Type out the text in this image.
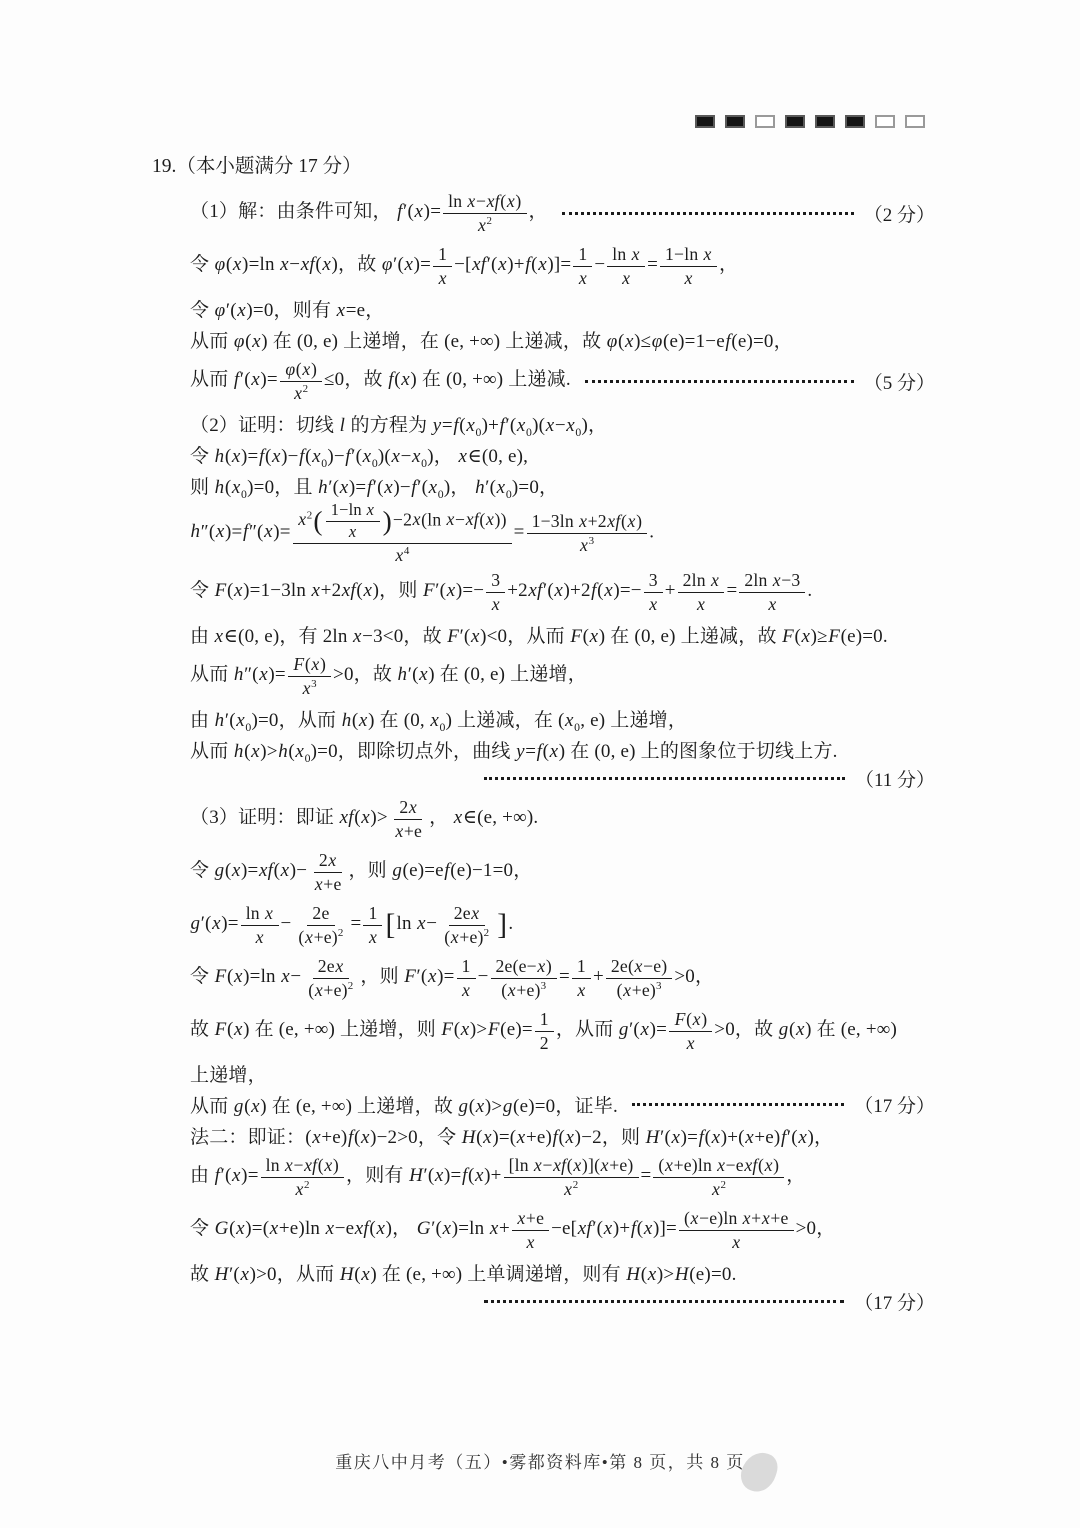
19.（本小题满分 17 分）
（1）解：由条件可知， $f'(x)= \frac{\text{ln x−xf(x)}}{x^2}$ ，	（2 分）
令 φ(x)=ln x−xf(x)，故 $\varphi'(x)= \frac{1}{x} -[xf'(x)+f(x)]= \frac{1}{x} - \frac{\text{ln x}}{x} = \frac{\text{1−ln x}}{x}$ ，
令 φ′(x)=0，则有 x=e，
从而 φ(x) 在 (0, e) 上递增，在 (e, +∞) 上递减，故 φ(x)≤φ(e)=1−ef(e)=0，
从而 $f'(x)= \frac{\varphi(x)}{x^2} \le 0$，故 f(x) 在 (0, +∞) 上递减.	（5 分）
（2）证明：切线 l 的方程为 $y=f(x_0)+f'(x_0)(x-x_0)$，
令 $h(x)=f(x)-f(x_0)-f'(x_0)(x-x_0)$， x∈(0, e),
则 $h(x_0)=0$，且 $h'(x)=f'(x)-f'(x_0)$， $h'(x_0)=0$，
$h''(x)=f''(x)= \frac{x^2( \frac{\text{1−ln x}}{x} )-2x(\ln x-xf(x))}{x^4} = \frac{\text{1−3ln x+2xf(x)}}{x^3}$ .
令 F(x)=1−3ln x+2xf(x)，则 $F'(x)=- \frac{3}{x} +2xf'(x)+2f(x)=- \frac{3}{x} + \frac{\text{2ln x}}{x} = \frac{\text{2ln x−3}}{x}$ .
由 x∈(0, e)，有 2ln x−3<0，故 F′(x)<0，从而 F(x) 在 (0, e) 上递减，故 F(x)≥F(e)=0.
从而 $h''(x)= \frac{F(x)}{x^3} >0$，故 h′(x) 在 (0, e) 上递增，
由 $h'(x_0)=0$，从而 h(x) 在 (0, $x_0$) 上递减，在 ($x_0$, e) 上递增，
从而 $h(x)>h(x_0)=0$，即除切点外，曲线 y=f(x) 在 (0, e) 上的图象位于切线上方.
（11 分）
（3）证明：即证 $xf(x)> \frac{2x}{x+e}$ ， x∈(e, +∞).
令 $g(x)=xf(x)- \frac{2x}{x+e}$ ，则 g(e)=ef(e)−1=0，
$g'(x)= \frac{\text{ln x}}{x} - \frac{2e}{(x+e)^2} = \frac{1}{x} [\ln$ $x- \frac{2ex}{(x+e)^2}$ ].
令 F(x)=ln $x- \frac{2ex}{(x+e)^2}$ ，则 $F'(x)= \frac{1}{x} - \frac{2e(e-x)}{(x+e)^3} = \frac{1}{x} + \frac{2e(x-e)}{(x+e)^3} >0$，
故 F(x) 在 (e, +∞) 上递增，则 $F(x)>F(e)= \frac{1}{2}$ ，从而 $g'(x)= \frac{F(x)}{x} >0$，故 g(x) 在 (e, +∞)
上递增，
从而 g(x) 在 (e, +∞) 上递增，故 g(x)>g(e)=0，证毕.	（17 分）
法二：即证：(x+e)f(x)−2>0，令 H(x)=(x+e)f(x)−2，则 H′(x)=f(x)+(x+e)f′(x)，
由 $f'(x)= \frac{\text{ln x−xf(x)}}{x^2}$ ，则有 $H'(x)=f(x)+ \frac{\text{[ln x−xf(x)](x+e)}}{x^2} = \frac{\text{(x+e)ln x−exf(x)}}{x^2}$ ，
令 G(x)=(x+e)ln x−exf(x)， G′(x)=ln $x+ \frac{x+e}{x} -e[xf'(x)+f(x)]= \frac{\text{(x−e)ln x+x+e}}{x} >0$，
故 H′(x)>0，从而 H(x) 在 (e, +∞) 上单调递增，则有 H(x)>H(e)=0.
（17 分）
重庆八中月考（五）•雾都资料库•第 8 页，共 8 页
